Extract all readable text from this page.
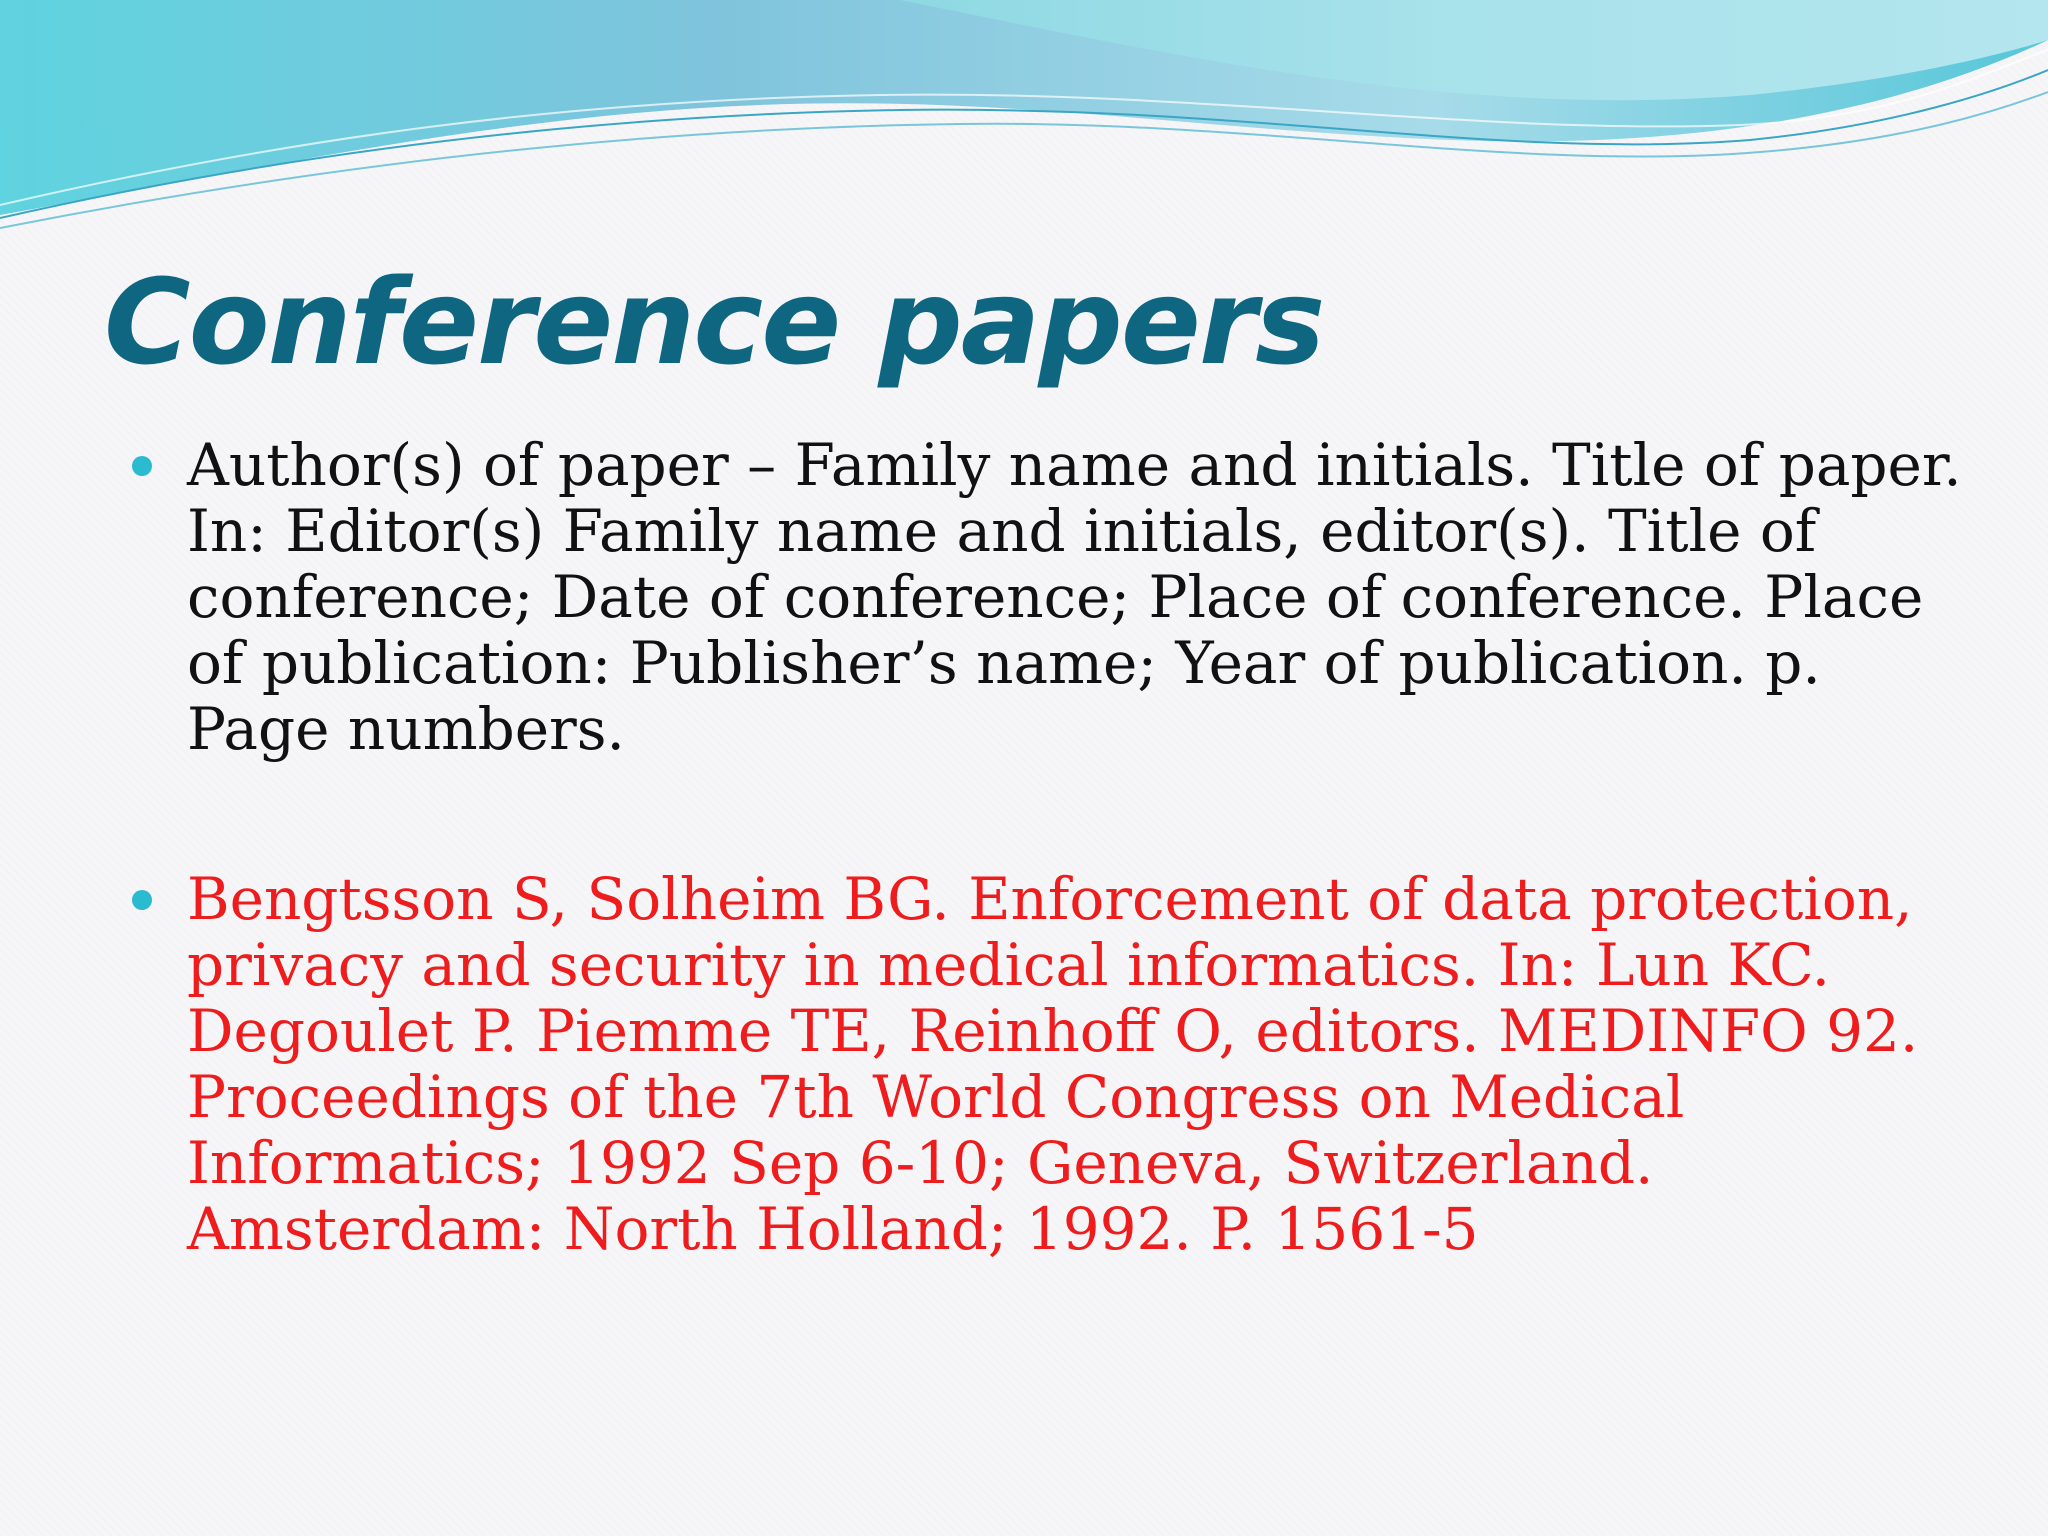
Conference papers
Author(s) of paper – Family name and initials. Title of paper. In: Editor(s) Family name and initials, editor(s). Title of conference; Date of conference; Place of conference. Place of publication: Publisher’s name; Year of publication. p. Page numbers.
Bengtsson S, Solheim BG. Enforcement of data protection, privacy and security in medical informatics. In: Lun KC. Degoulet P. Piemme TE, Reinhoff O, editors. MEDINFO 92. Proceedings of the 7th World Congress on Medical Informatics; 1992 Sep 6-10; Geneva, Switzerland. Amsterdam: North Holland; 1992. P. 1561-5
